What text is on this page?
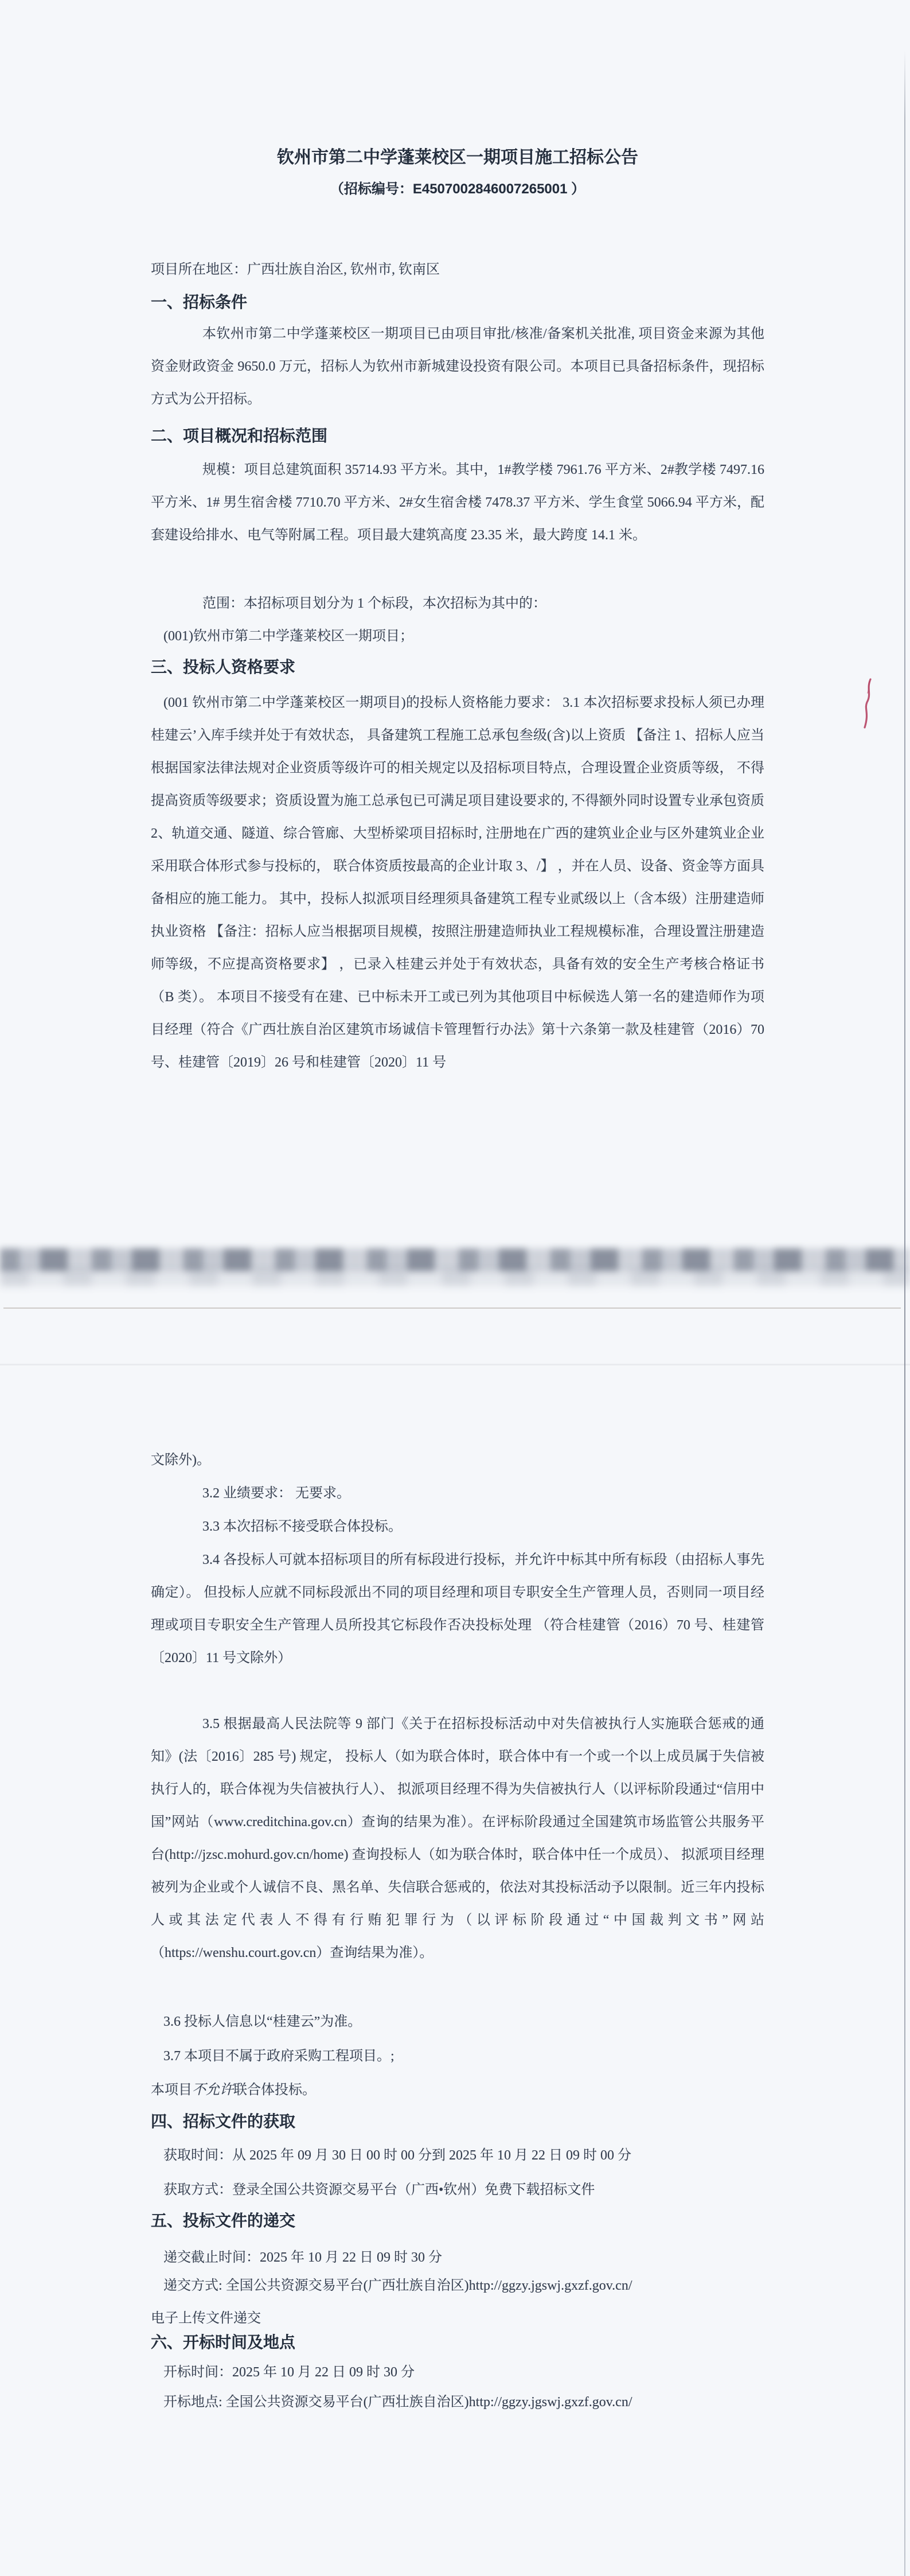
钦州市第二中学蓬莱校区一期项目施工招标公告
（招标编号：E4507002846007265001 ）
项目所在地区：广西壮族自治区, 钦州市, 钦南区
一、招标条件
本钦州市第二中学蓬莱校区一期项目已由项目审批/核准/备案机关批准, 项目资金来源为其他资金财政资金 9650.0 万元，招标人为钦州市新城建设投资有限公司。本项目已具备招标条件，现招标方式为公开招标。
二、项目概况和招标范围
规模：项目总建筑面积 35714.93 平方米。其中，1#教学楼 7961.76 平方米、2#教学楼 7497.16 平方米、1# 男生宿舍楼 7710.70 平方米、2#女生宿舍楼 7478.37 平方米、学生食堂 5066.94 平方米，配套建设给排水、电气等附属工程。项目最大建筑高度 23.35 米，最大跨度 14.1 米。
范围：本招标项目划分为 1 个标段，本次招标为其中的：
(001)钦州市第二中学蓬莱校区一期项目；
三、投标人资格要求
(001 钦州市第二中学蓬莱校区一期项目)的投标人资格能力要求： 3.1 本次招标要求投标人须已办理桂建云’入库手续并处于有效状态， 具备建筑工程施工总承包叁级(含)以上资质 【备注 1、招标人应当根据国家法律法规对企业资质等级许可的相关规定以及招标项目特点，合理设置企业资质等级， 不得提高资质等级要求；资质设置为施工总承包已可满足项目建设要求的, 不得额外同时设置专业承包资质 2、轨道交通、隧道、综合管廊、大型桥梁项目招标时, 注册地在广西的建筑业企业与区外建筑业企业采用联合体形式参与投标的， 联合体资质按最高的企业计取 3、/】 ，并在人员、设备、资金等方面具备相应的施工能力。 其中，投标人拟派项目经理须具备建筑工程专业贰级以上（含本级）注册建造师执业资格 【备注：招标人应当根据项目规模，按照注册建造师执业工程规模标准，合理设置注册建造师等级，不应提高资格要求】 ，已录入桂建云并处于有效状态，具备有效的安全生产考核合格证书（B 类）。 本项目不接受有在建、已中标未开工或已列为其他项目中标候选人第一名的建造师作为项目经理（符合《广西壮族自治区建筑市场诚信卡管理暂行办法》第十六条第一款及桂建管（2016）70 号、桂建管〔2019〕26 号和桂建管〔2020〕11 号
文除外)。
3.2 业绩要求： 无要求。
3.3 本次招标不接受联合体投标。
3.4 各投标人可就本招标项目的所有标段进行投标，并允许中标其中所有标段（由招标人事先确定）。 但投标人应就不同标段派出不同的项目经理和项目专职安全生产管理人员，否则同一项目经理或项目专职安全生产管理人员所投其它标段作否决投标处理 （符合桂建管（2016）70 号、桂建管〔2020〕11 号文除外）
3.5 根据最高人民法院等 9 部门《关于在招标投标活动中对失信被执行人实施联合惩戒的通知》(法〔2016〕285 号) 规定， 投标人（如为联合体时，联合体中有一个或一个以上成员属于失信被执行人的，联合体视为失信被执行人）、 拟派项目经理不得为失信被执行人（以评标阶段通过“信用中国”网站（www.creditchina.gov.cn）查询的结果为准）。在评标阶段通过全国建筑市场监管公共服务平台(http://jzsc.mohurd.gov.cn/home) 查询投标人（如为联合体时，联合体中任一个成员）、 拟派项目经理被列为企业或个人诚信不良、黑名单、失信联合惩戒的，依法对其投标活动予以限制。近三年内投标人或其法定代表人不得有行贿犯罪行为（以评标阶段通过“中国裁判文书”网站（https://wenshu.court.gov.cn）查询结果为准）。
3.6 投标人信息以“桂建云”为准。
3.7 本项目不属于政府采购工程项目。;
本项目不允许联合体投标。
四、招标文件的获取
获取时间：从 2025 年 09 月 30 日 00 时 00 分到 2025 年 10 月 22 日 09 时 00 分
获取方式：登录全国公共资源交易平台（广西•钦州）免费下载招标文件
五、投标文件的递交
递交截止时间：2025 年 10 月 22 日 09 时 30 分
递交方式: 全国公共资源交易平台(广西壮族自治区)http://ggzy.jgswj.gxzf.gov.cn/
电子上传文件递交
六、开标时间及地点
开标时间：2025 年 10 月 22 日 09 时 30 分
开标地点: 全国公共资源交易平台(广西壮族自治区)http://ggzy.jgswj.gxzf.gov.cn/
